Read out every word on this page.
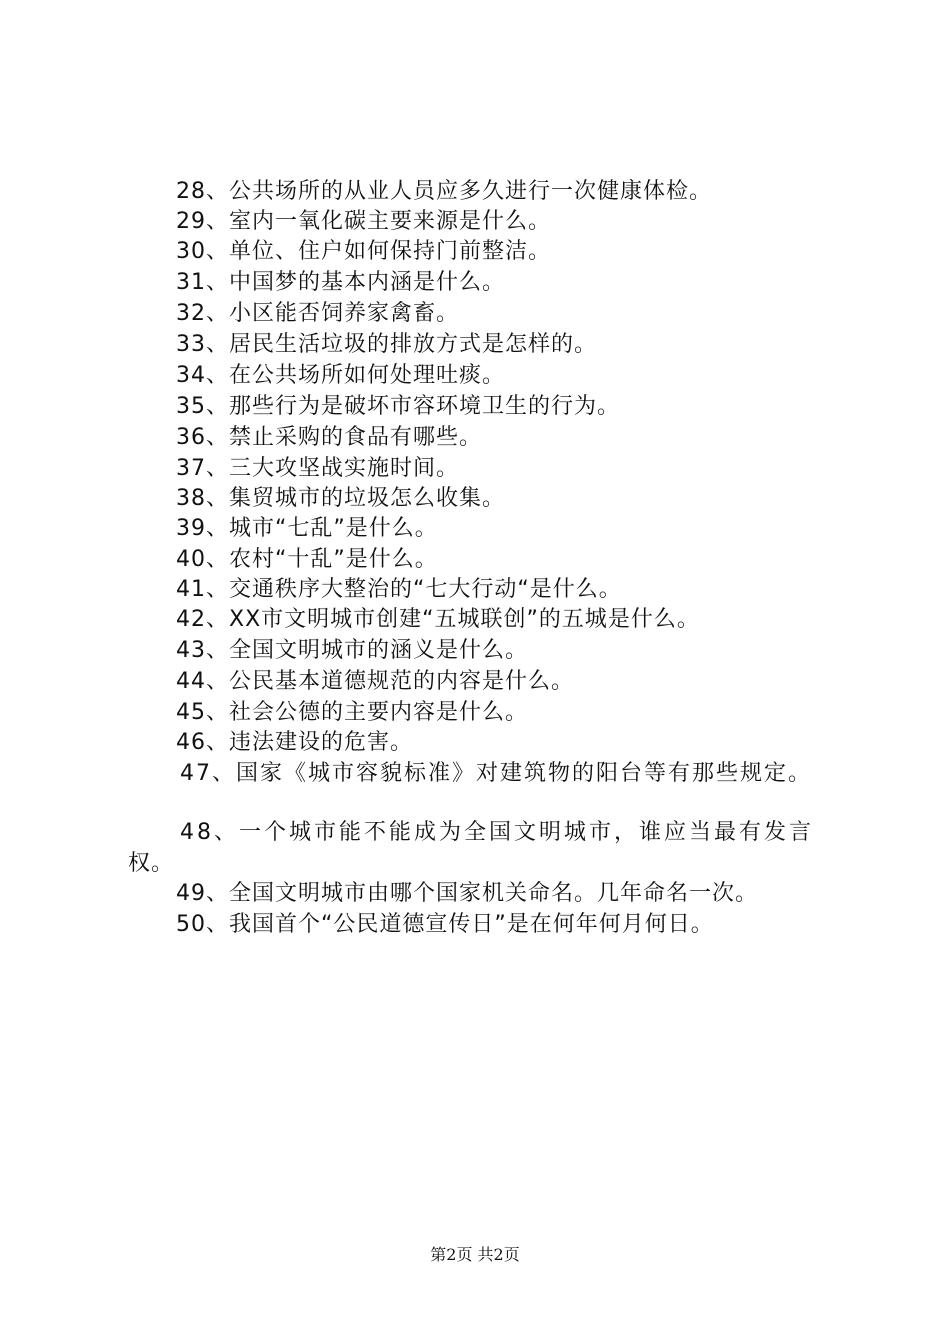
28、公共场所的从业人员应多久进行一次健康体检。
29、室内一氧化碳主要来源是什么。
30、单位、住户如何保持门前整洁。
31、中国梦的基本内涵是什么。
32、小区能否饲养家禽畜。
33、居民生活垃圾的排放方式是怎样的。
34、在公共场所如何处理吐痰。
35、那些行为是破坏市容环境卫生的行为。
36、禁止采购的食品有哪些。
37、三大攻坚战实施时间。
38、集贸城市的垃圾怎么收集。
39、城市“七乱”是什么。
40、农村“十乱”是什么。
41、交通秩序大整治的“七大行动“是什么。
42、XX市文明城市创建“五城联创”的五城是什么。
43、全国文明城市的涵义是什么。
44、公民基本道德规范的内容是什么。
45、社会公德的主要内容是什么。
46、违法建设的危害。
47、国家《城市容貌标准》对建筑物的阳台等有那些规定。
48、一个城市能不能成为全国文明城市，谁应当最有发言
权。
49、全国文明城市由哪个国家机关命名。几年命名一次。
50、我国首个“公民道德宣传日”是在何年何月何日。
第2页 共2页
